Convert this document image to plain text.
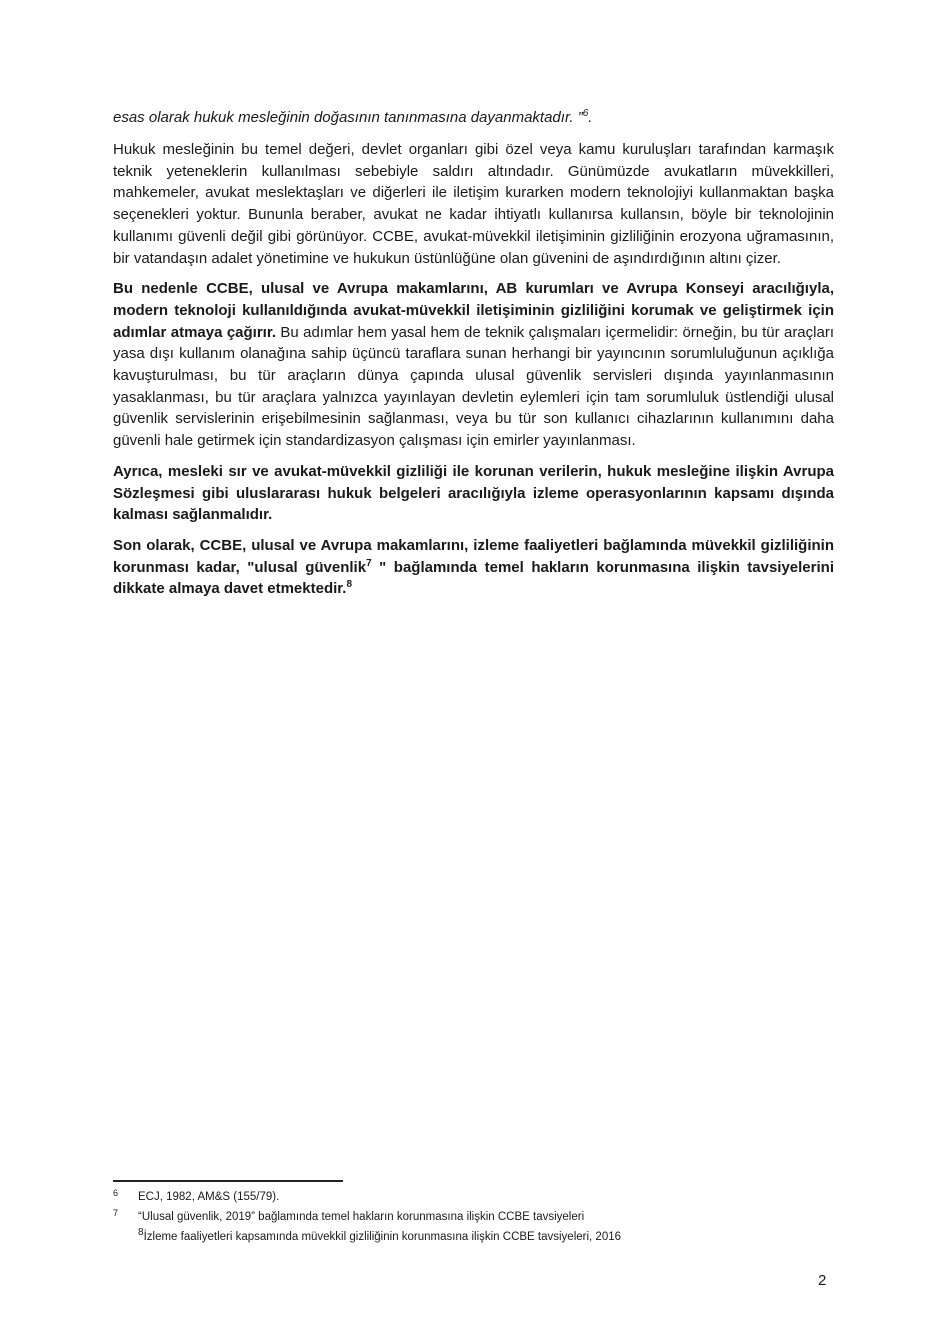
esas olarak hukuk mesleğinin doğasının tanınmasına dayanmaktadır. ”$^6$.

Hukuk mesleğinin bu temel değeri, devlet organları gibi özel veya kamu kuruluşları tarafından karmaşık teknik yeteneklerin kullanılması sebebiyle saldırı altındadır. Günümüzde avukatların müvekkilleri, mahkemeler, avukat meslektaşları ve diğerleri ile iletişim kurarken modern teknolojiyi kullanmaktan başka seçenekleri yoktur. Bununla beraber, avukat ne kadar ihtiyatlı kullanırsa kullansın, böyle bir teknolojinin kullanımı güvenli değil gibi görünüyor. CCBE, avukat-müvekkil iletişiminin gizliliğinin erozyona uğramasının, bir vatandaşın adalet yönetimine ve hukukun üstünlüğüne olan güvenini de aşındırdığının altını çizer.

Bu nedenle CCBE, ulusal ve Avrupa makamlarını, AB kurumları ve Avrupa Konseyi aracılığıyla, modern teknoloji kullanıldığında avukat-müvekkil iletişiminin gizliliğini korumak ve geliştirmek için adımlar atmaya çağırır. Bu adımlar hem yasal hem de teknik çalışmaları içermelidir: örneğin, bu tür araçları yasa dışı kullanım olanağına sahip üçüncü taraflara sunan herhangi bir yayıncının sorumluluğunun açıklığa kavuşturulması, bu tür araçların dünya çapında ulusal güvenlik servisleri dışında yayınlanmasının yasaklanması, bu tür araçlara yalnızca yayınlayan devletin eylemleri için tam sorumluluk üstlendiği ulusal güvenlik servislerinin erişebilmesinin sağlanması, veya bu tür son kullanıcı cihazlarının kullanımını daha güvenli hale getirmek için standardizasyon çalışması için emirler yayınlanması.

Ayrıca, mesleki sır ve avukat-müvekkil gizliliği ile korunan verilerin, hukuk mesleğine ilişkin Avrupa Sözleşmesi gibi uluslararası hukuk belgeleri aracılığıyla izleme operasyonlarının kapsamı dışında kalması sağlanmalıdır.

Son olarak, CCBE, ulusal ve Avrupa makamlarını, izleme faaliyetleri bağlamında müvekkil gizliliğinin korunması kadar, "ulusal güvenlik$^7$ " bağlamında temel hakların korunmasına ilişkin tavsiyelerini dikkate almaya davet etmektedir.$^8$

$^6$	ECJ, 1982, AM&S (155/79).
$^7$	“Ulusal güvenlik, 2019” bağlamında temel hakların korunmasına ilişkin CCBE tavsiyeleri
$^8$İzleme faaliyetleri kapsamında müvekkil gizliliğinin korunmasına ilişkin CCBE tavsiyeleri, 2016
2
